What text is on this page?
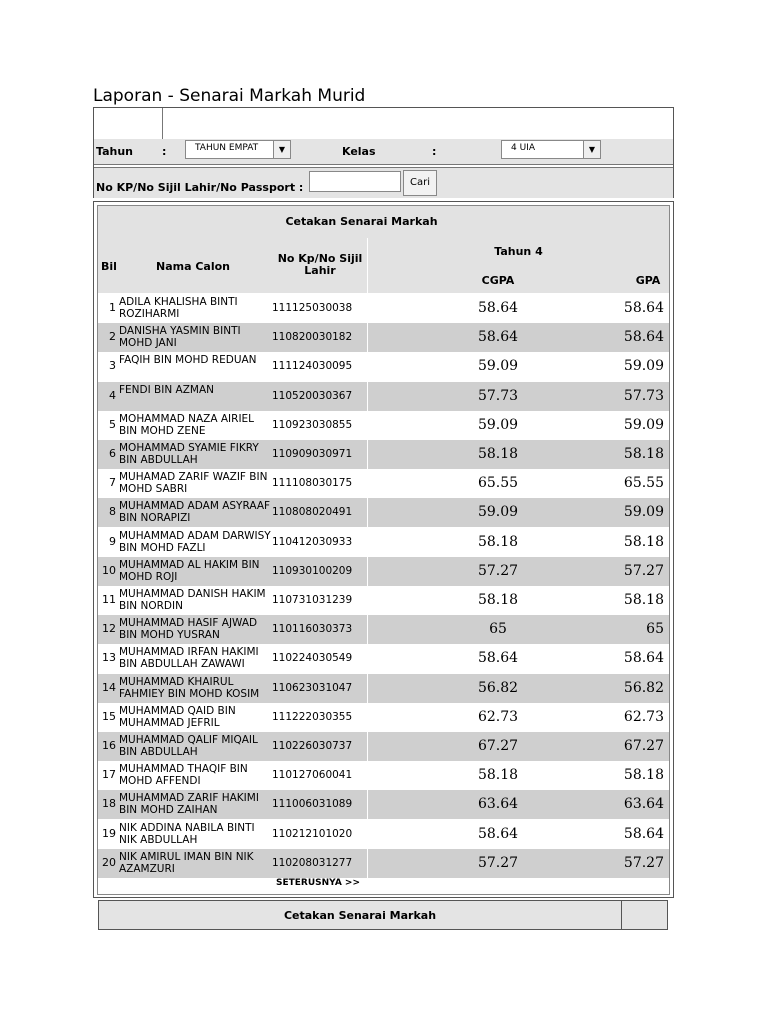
Laporan - Senarai Markah Murid
Tahun	:	TAHUN EMPAT	▼	Kelas	:	4 UIA	▼
No KP/No Sijil Lahir/No Passport :	Cari
Cetakan Senarai Markah
Bil	Nama Calon
No Kp/No Sijil Lahir
Tahun 4
CGPA	GPA
1 ADILA KHALISHA BINTI ROZIHARMI	111125030038	58.64	58.64
2 DANISHA YASMIN BINTI MOHD JANI	110820030182	58.64	58.64
3 FAQIH BIN MOHD REDUAN	111124030095	59.09	59.09
4 FENDI BIN AZMAN	110520030367	57.73	57.73
5 MOHAMMAD NAZA AIRIEL BIN MOHD ZENE	110923030855	59.09	59.09
6 MOHAMMAD SYAMIE FIKRY BIN ABDULLAH	110909030971	58.18	58.18
7 MUHAMAD ZARIF WAZIF BIN MOHD SABRI	111108030175	65.55	65.55
8 MUHAMMAD ADAM ASYRAAF BIN NORAPIZI	110808020491	59.09	59.09
9 MUHAMMAD ADAM DARWISY BIN MOHD FAZLI	110412030933	58.18	58.18
10 MUHAMMAD AL HAKIM BIN MOHD ROJI	110930100209	57.27	57.27
11 MUHAMMAD DANISH HAKIM BIN NORDIN	110731031239	58.18	58.18
12 MUHAMMAD HASIF AJWAD BIN MOHD YUSRAN	110116030373	65	65
13 MUHAMMAD IRFAN HAKIMI BIN ABDULLAH ZAWAWI	110224030549	58.64	58.64
14 MUHAMMAD KHAIRUL FAHMIEY BIN MOHD KOSIM	110623031047	56.82	56.82
15 MUHAMMAD QAID BIN MUHAMMAD JEFRIL	111222030355	62.73	62.73
16 MUHAMMAD QALIF MIQAIL BIN ABDULLAH	110226030737	67.27	67.27
17 MUHAMMAD THAQIF BIN MOHD AFFENDI	110127060041	58.18	58.18
18 MUHAMMAD ZARIF HAKIMI BIN MOHD ZAIHAN	111006031089	63.64	63.64
19 NIK ADDINA NABILA BINTI NIK ABDULLAH	110212101020	58.64	58.64
20 NIK AMIRUL IMAN BIN NIK AZAMZURI	110208031277	57.27	57.27
SETERUSNYA >>
Cetakan Senarai Markah
